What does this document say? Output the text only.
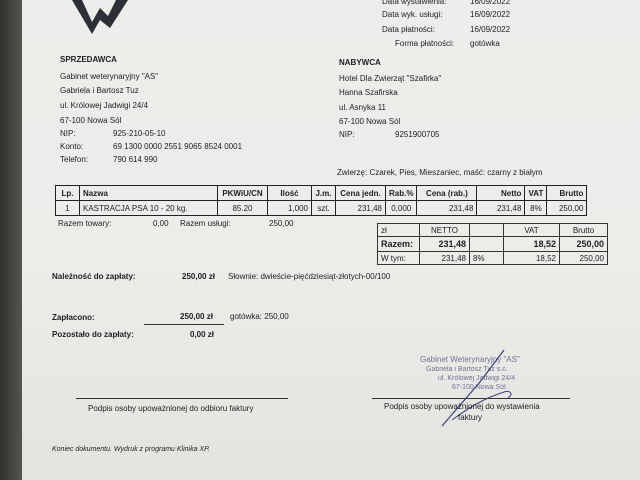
Data wystawienia:	16/09/2022
Data wyk. usługi:	16/09/2022
Data płatności:	16/09/2022
Forma płatności: gotówka
SPRZEDAWCA
Gabinet weterynaryjny "AS"
Gabriela i Bartosz Tuz
ul. Królowej Jadwigi 24/4
67-100 Nowa Sól
NIP:	925-210-05-10
Konto:	69 1300 0000 2551 9065 8524 0001
Telefon:	790 614 990
NABYWCA
Hotel Dla Zwierząt "Szafirka"
Hanna Szafirska
ul. Asnyka 11
67-100 Nowa Sól
NIP:	9251900705
Zwierzę: Czarek, Pies, Mieszaniec, maść: czarny z białym
Lp.	Nazwa	PKWiU/CN	Ilość	J.m.	Cena jedn.	Rab.%	Cena (rab.)	Netto	VAT	Brutto
1	KASTRACJA PSA 10 - 20 kg.	85.20	1,000	szt.	231,48	0,000	231,48	231,48	8%	250,00
Razem towary:	0,00 Razem usługi:	250,00
zł	NETTO		VAT	Brutto
Razem:	231,48		18,52	250,00
W tym:	231,48	8%	18,52	250,00
Należność do zapłaty:	250,00 zł Słownie: dwieście-pięćdziesiąt-złotych-00/100
Zapłacono:	250,00 zł gotówka: 250,00
Pozostało do zapłaty:	0,00 zł
Gabinet Weterynaryjny "AS"
Gabriela i Bartosz Tuz s.c.
ul. Królowej Jadwigi 24/4
67-100 Nowa Sól
Podpis osoby upoważnionej do odbioru faktury	Podpis osoby upoważnionej do wystawienia
faktury
Koniec dokumentu. Wydruk z programu Klinika XP.
